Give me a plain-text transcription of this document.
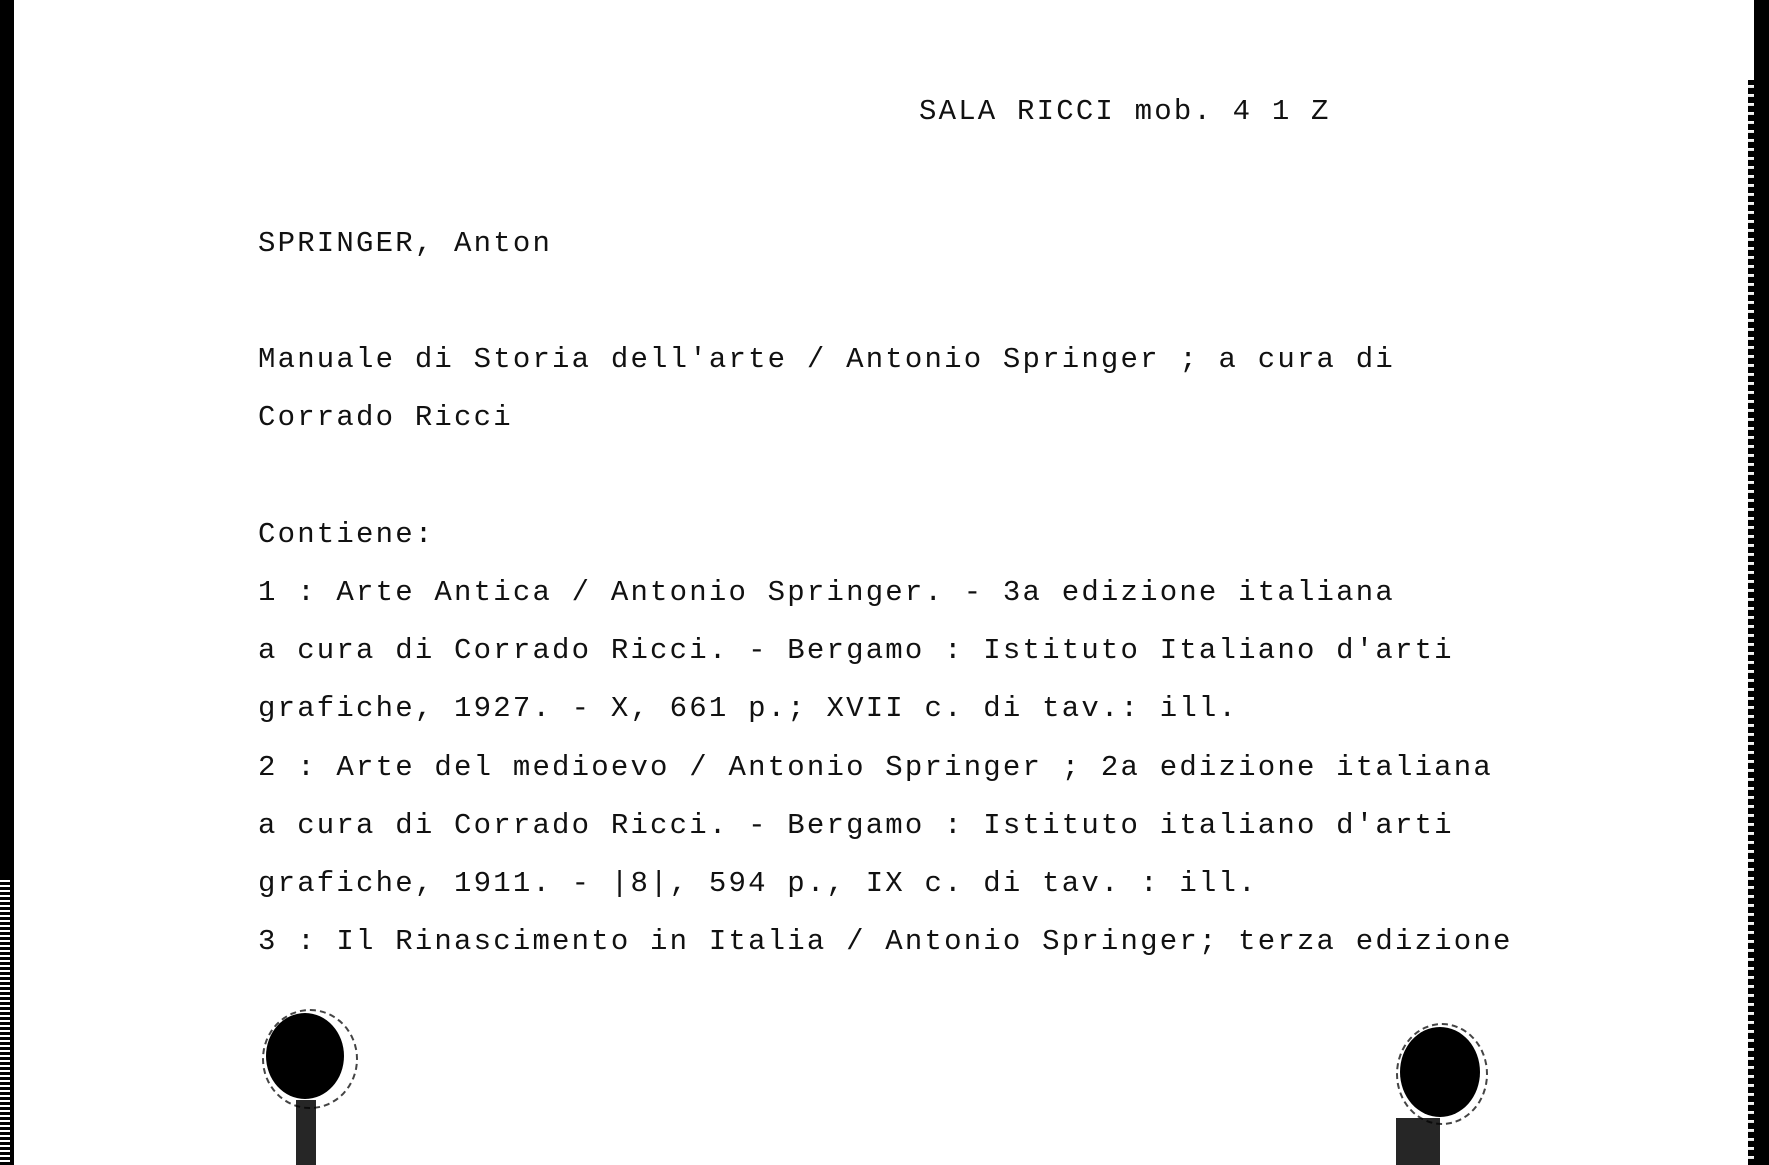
SALA RICCI mob. 4 1 Z
SPRINGER, Anton
Manuale di Storia dell'arte / Antonio Springer ; a cura di
Corrado Ricci
Contiene:
1 : Arte Antica / Antonio Springer. - 3a edizione italiana
a cura di Corrado Ricci. - Bergamo : Istituto Italiano d'arti
grafiche, 1927. - X, 661 p.; XVII c. di tav.: ill.
2 : Arte del medioevo / Antonio Springer ; 2a edizione italiana
a cura di Corrado Ricci. - Bergamo : Istituto italiano d'arti
grafiche, 1911. - |8|, 594 p., IX c. di tav. : ill.
3 : Il Rinascimento in Italia / Antonio Springer; terza edizione
